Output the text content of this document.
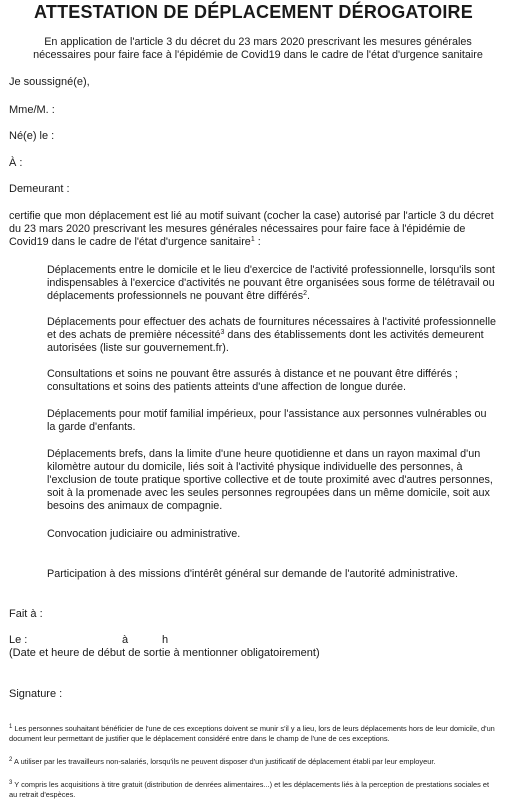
ATTESTATION DE DÉPLACEMENT DÉROGATOIRE
En application de l'article 3 du décret du 23 mars 2020 prescrivant les mesures générales nécessaires pour faire face à l'épidémie de Covid19 dans le cadre de l'état d'urgence sanitaire
Je soussigné(e),
Mme/M. :
Né(e) le :
À :
Demeurant :
certifie que mon déplacement est lié au motif suivant (cocher la case) autorisé par l'article 3 du décret du 23 mars 2020 prescrivant les mesures générales nécessaires pour faire face à l'épidémie de Covid19 dans le cadre de l'état d'urgence sanitaire$^1$ :
Déplacements entre le domicile et le lieu d'exercice de l'activité professionnelle, lorsqu'ils sont indispensables à l'exercice d'activités ne pouvant être organisées sous forme de télétravail ou déplacements professionnels ne pouvant être différés$^2$.
Déplacements pour effectuer des achats de fournitures nécessaires à l'activité professionnelle et des achats de première nécessité$^3$ dans des établissements dont les activités demeurent autorisées (liste sur gouvernement.fr).
Consultations et soins ne pouvant être assurés à distance et ne pouvant être différés ; consultations et soins des patients atteints d'une affection de longue durée.
Déplacements pour motif familial impérieux, pour l'assistance aux personnes vulnérables ou la garde d'enfants.
Déplacements brefs, dans la limite d'une heure quotidienne et dans un rayon maximal d'un kilomètre autour du domicile, liés soit à l'activité physique individuelle des personnes, à l'exclusion de toute pratique sportive collective et de toute proximité avec d'autres personnes, soit à la promenade avec les seules personnes regroupées dans un même domicile, soit aux besoins des animaux de compagnie.
Convocation judiciaire ou administrative.
Participation à des missions d'intérêt général sur demande de l'autorité administrative.
Fait à :
Le :	à	h
(Date et heure de début de sortie à mentionner obligatoirement)
Signature :
$^1$ Les personnes souhaitant bénéficier de l'une de ces exceptions doivent se munir s'il y a lieu, lors de leurs déplacements hors de leur domicile, d'un document leur permettant de justifier que le déplacement considéré entre dans le champ de l'une de ces exceptions.
$^2$ A utiliser par les travailleurs non-salariés, lorsqu'ils ne peuvent disposer d'un justificatif de déplacement établi par leur employeur.
$^3$ Y compris les acquisitions à titre gratuit (distribution de denrées alimentaires...) et les déplacements liés à la perception de prestations sociales et au retrait d'espèces.
